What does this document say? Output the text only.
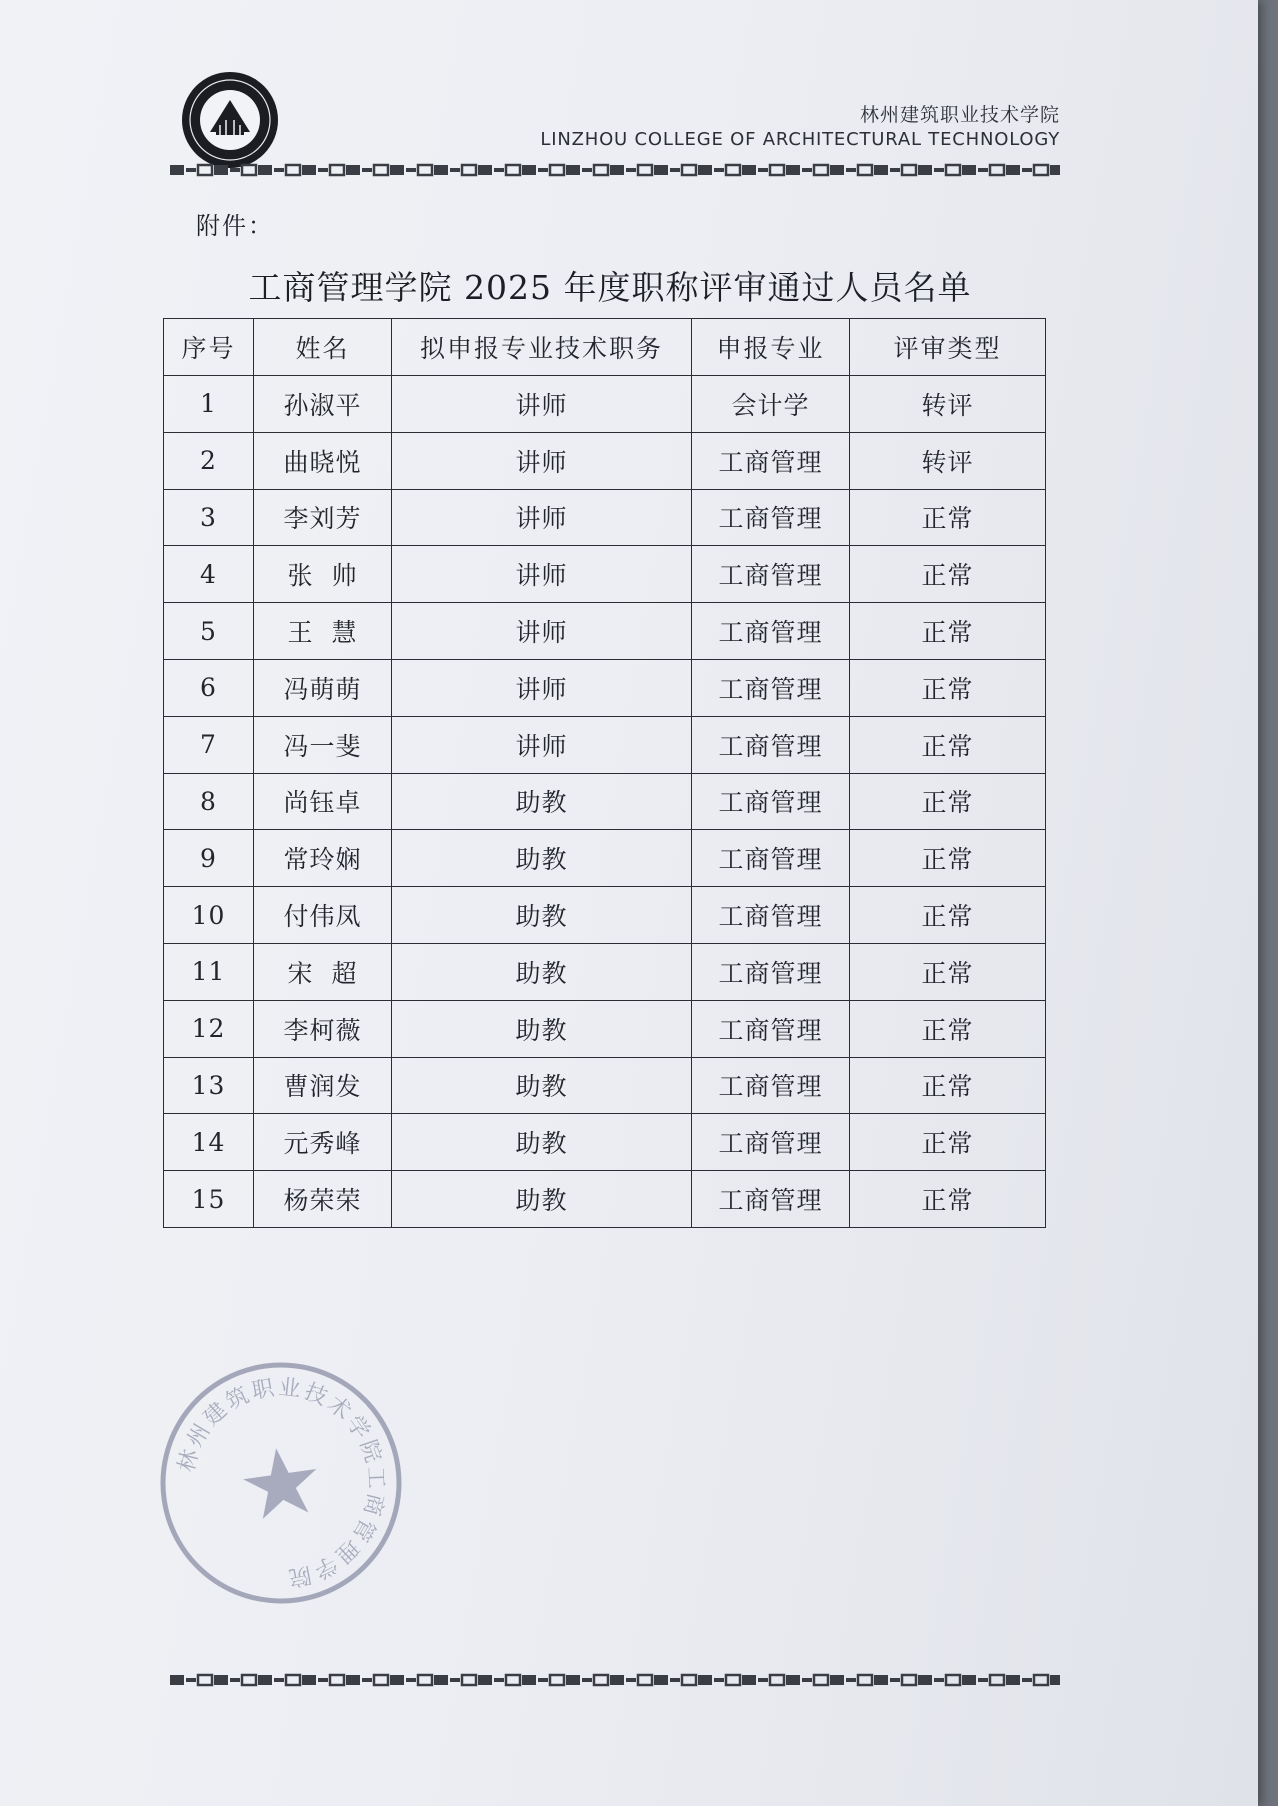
林州建筑职业技术学院
LINZHOU COLLEGE OF ARCHITECTURAL TECHNOLOGY
附件：
工商管理学院 2025 年度职称评审通过人员名单
序号	姓名	拟申报专业技术职务	申报专业	评审类型
1	孙淑平	讲师	会计学	转评
2	曲晓悦	讲师	工商管理	转评
3	李刘芳	讲师	工商管理	正常
4	张  帅	讲师	工商管理	正常
5	王  慧	讲师	工商管理	正常
6	冯萌萌	讲师	工商管理	正常
7	冯一斐	讲师	工商管理	正常
8	尚钰卓	助教	工商管理	正常
9	常玲娴	助教	工商管理	正常
10	付伟凤	助教	工商管理	正常
11	宋  超	助教	工商管理	正常
12	李柯薇	助教	工商管理	正常
13	曹润发	助教	工商管理	正常
14	元秀峰	助教	工商管理	正常
15	杨荣荣	助教	工商管理	正常
林州建筑职业技术学院工商管理学院
